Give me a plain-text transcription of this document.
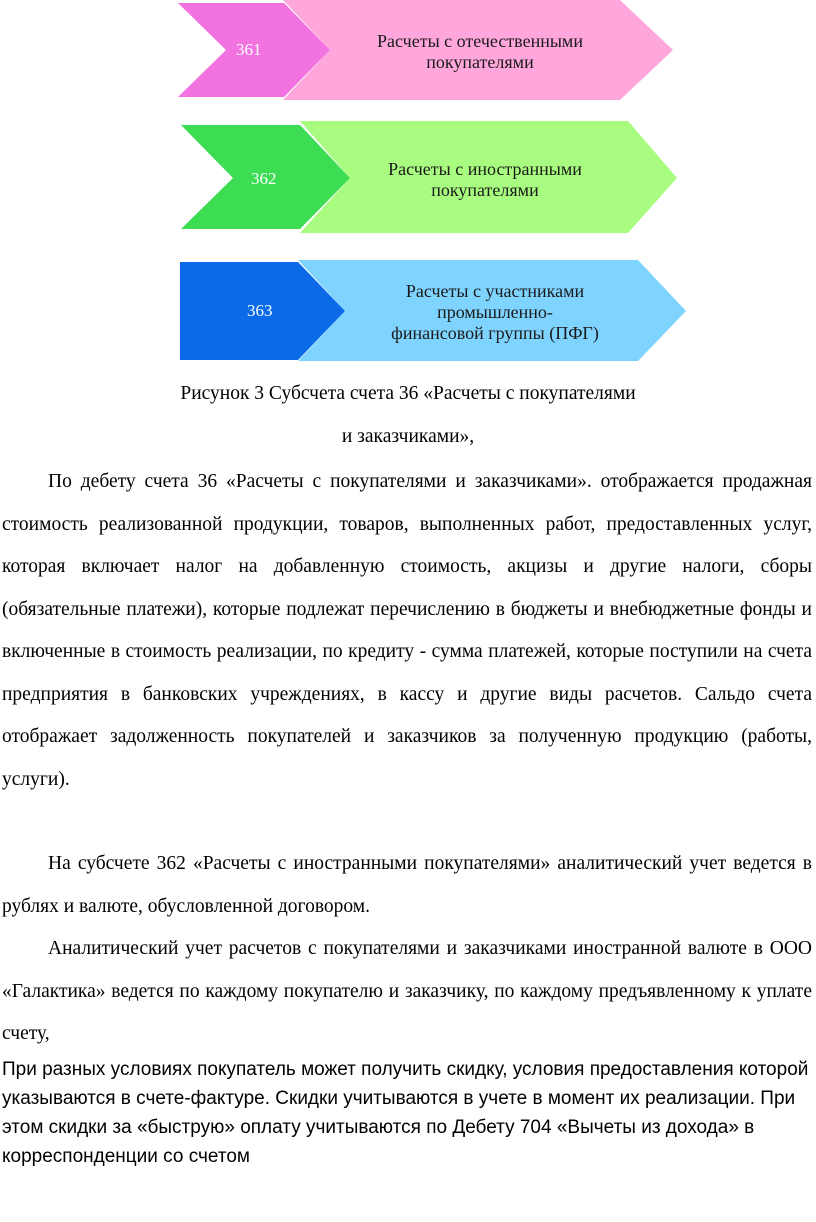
361	Расчеты с отечественными
покупателями
362	Расчеты с иностранными
покупателями
363
Расчеты с участниками
промышленно-
финансовой группы (ПФГ)
Рисунок 3 Субсчета счета 36 «Расчеты с покупателями
и заказчиками»,
По дебету счета 36 «Расчеты с покупателями и заказчиками». отображается продажная стоимость реализованной продукции, товаров, выполненных работ, предоставленных услуг, которая включает налог на добавленную стоимость, акцизы и другие налоги, сборы (обязательные платежи), которые подлежат перечислению в бюджеты и внебюджетные фонды и включенные в стоимость реализации, по кредиту - сумма платежей, которые поступили на счета предприятия в банковских учреждениях, в кассу и другие виды расчетов. Сальдо счета отображает задолженность покупателей и заказчиков за полученную продукцию (работы, услуги).
На субсчете 362 «Расчеты с иностранными покупателями» аналитический учет ведется в рублях и валюте, обусловленной договором.
Аналитический учет расчетов с покупателями и заказчиками иностранной валюте в ООО «Галактика» ведется по каждому покупателю и заказчику, по каждому предъявленному к уплате счету,
При разных условиях покупатель может получить скидку, условия предоставления которой указываются в счете-фактуре. Скидки учитываются в учете в момент их реализации. При этом скидки за «быструю» оплату учитываются по Дебету 704 «Вычеты из дохода» в корреспонденции со счетом
